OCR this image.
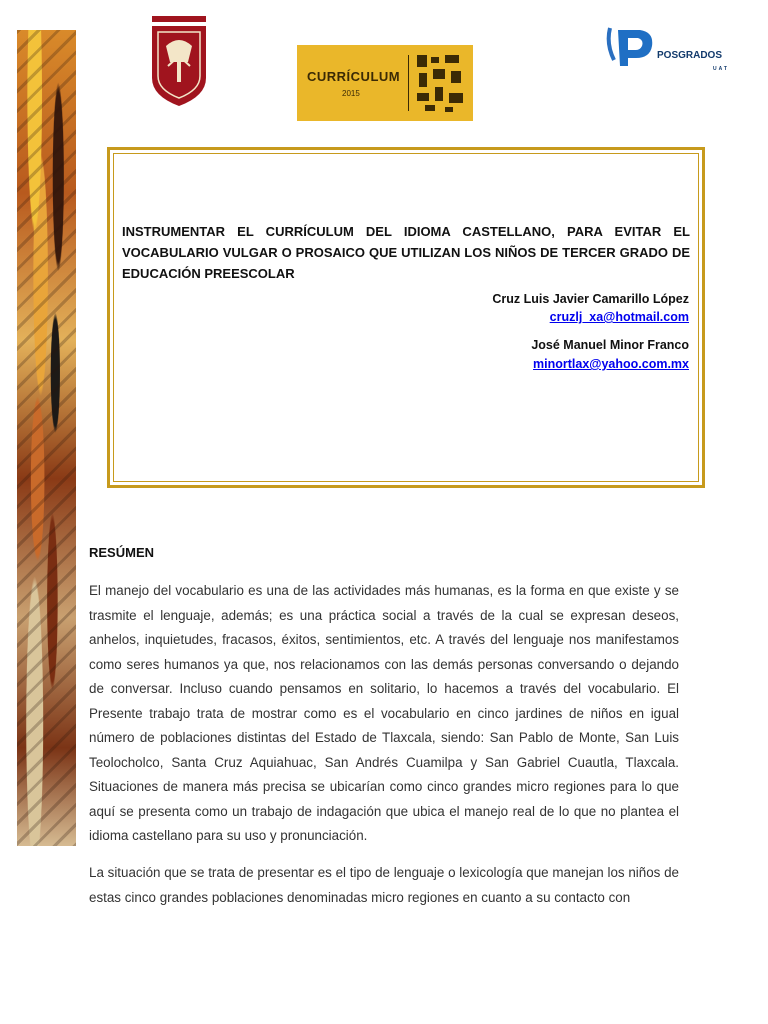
CURRÍCULUM
2015
POSGRADOS
UAT

INSTRUMENTAR EL CURRÍCULUM DEL IDIOMA CASTELLANO, PARA EVITAR EL VOCABULARIO VULGAR O PROSAICO QUE UTILIZAN LOS NIÑOS DE TERCER GRADO DE EDUCACIÓN PREESCOLAR

Cruz Luis Javier Camarillo López

cruzlj_xa@hotmail.com

José Manuel Minor Franco

minortlax@yahoo.com.mx
RESÚMEN

El manejo del vocabulario es una de las actividades más humanas, es la forma en que existe y se trasmite el lenguaje, además; es una práctica social a través de la cual se expresan deseos, anhelos, inquietudes, fracasos, éxitos, sentimientos, etc. A través del lenguaje nos manifestamos como seres humanos ya que, nos relacionamos con las demás personas conversando o dejando de conversar. Incluso cuando pensamos en solitario, lo hacemos a través del vocabulario. El Presente trabajo trata de mostrar como es el vocabulario en cinco jardines de niños en igual número de poblaciones distintas del Estado de Tlaxcala, siendo: San Pablo de Monte, San Luis Teolocholco, Santa Cruz Aquiahuac, San Andrés Cuamilpa y San Gabriel Cuautla, Tlaxcala. Situaciones de manera más precisa se ubicarían como cinco grandes micro regiones para lo que aquí se presenta como un trabajo de indagación que ubica el manejo real de lo que no plantea el idioma castellano para su uso y pronunciación.

La situación que se trata de presentar es el tipo de lenguaje o lexicología que manejan los niños de estas cinco grandes poblaciones denominadas micro regiones en cuanto a su contacto con
